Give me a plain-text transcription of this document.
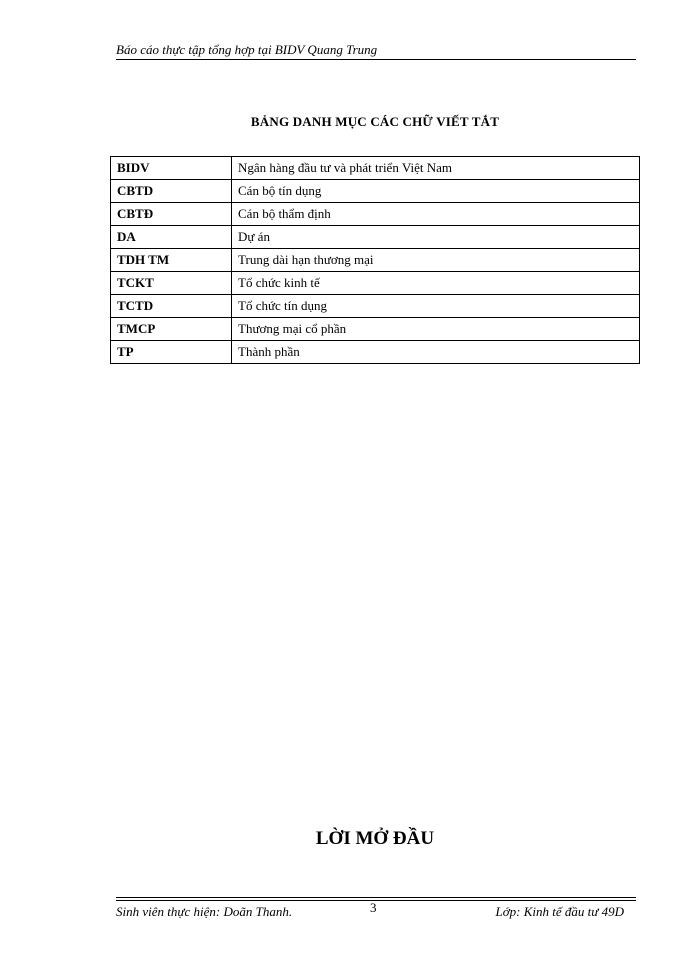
Báo cáo thực tập tổng hợp tại BIDV Quang Trung
BẢNG DANH MỤC CÁC CHỮ VIẾT TẮT
BIDV	Ngân hàng đầu tư và phát triển Việt Nam
CBTD	Cán bộ tín dụng
CBTĐ	Cán bộ thẩm định
DA	Dự án
TDH TM	Trung dài hạn thương mại
TCKT	Tổ chức kinh tế
TCTD	Tổ chức tín dụng
TMCP	Thương mại cổ phần
TP	Thành phần
LỜI MỞ ĐẦU
Sinh viên thực hiện: Doãn Thanh.	3	Lớp: Kinh tế đầu tư 49D
